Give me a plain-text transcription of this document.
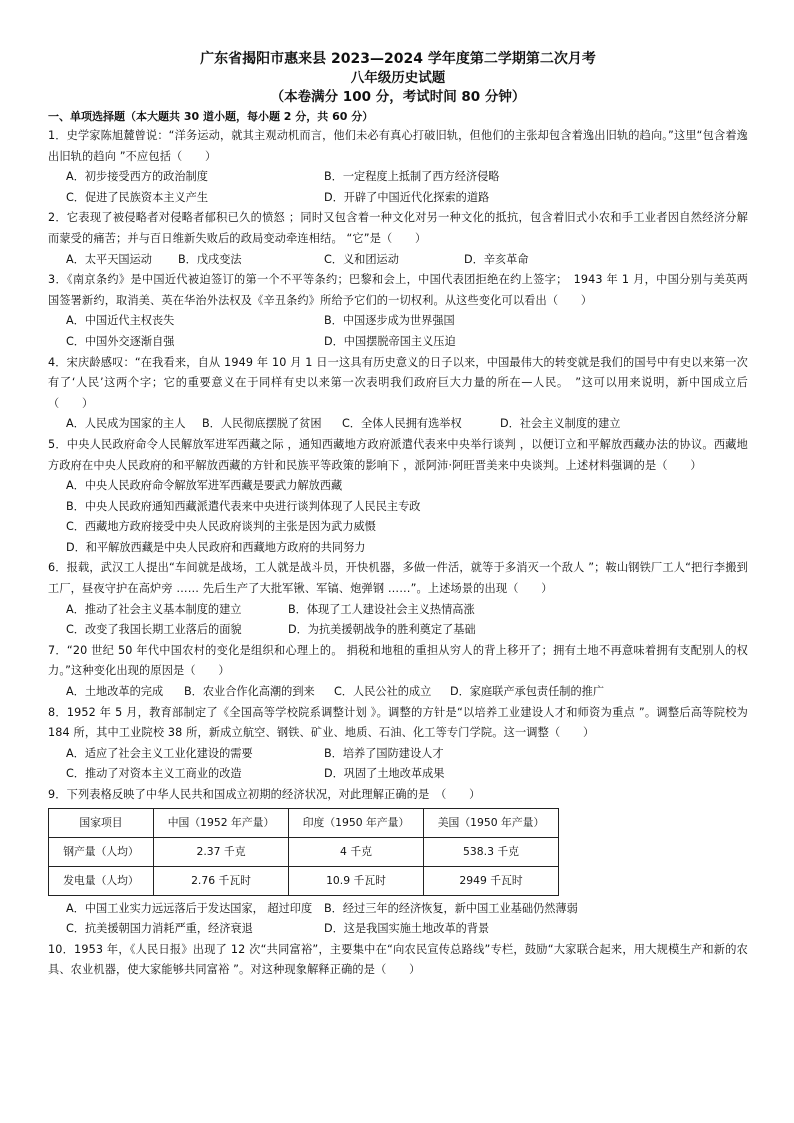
广东省揭阳市惠来县 2023—2024 学年度第二学期第二次月考
八年级历史试题
（本卷满分 100 分，考试时间 80 分钟）
一、单项选择题（本大题共 30 道小题，每小题 2 分，共 60 分）

1．史学家陈旭麓曾说：“洋务运动，就其主观动机而言，他们未必有真心打破旧轨，但他们的主张却包含着逸出旧轨的趋向。”这里“包含着逸出旧轨的趋向 ”不应包括（　　）

A．初步接受西方的政治制度	B．一定程度上抵制了西方经济侵略
C．促进了民族资本主义产生	D．开辟了中国近代化探索的道路

2．它表现了被侵略者对侵略者郁积已久的愤怒 ；同时又包含着一种文化对另一种文化的抵抗，包含着旧式小农和手工业者因自然经济分解而蒙受的痛苦；并与百日维新失败后的政局变动牵连相结。 “它”是（　　）

A．太平天国运动 B．戊戌变法	C．义和团运动	D．辛亥革命

3．《南京条约》是中国近代被迫签订的第一个不平等条约；巴黎和会上，中国代表团拒绝在约上签字；　1943 年 1 月，中国分别与美英两国签署新约，取消美、英在华治外法权及《辛丑条约》所给予它们的一切权利。从这些变化可以看出（　　）

A．中国近代主权丧失	B．中国逐步成为世界强国
C．中国外交逐渐自强	D．中国摆脱帝国主义压迫

4．宋庆龄感叹：“在我看来，自从 1949 年 10 月 1 日一这具有历史意义的日子以来，中国最伟大的转变就是我们的国号中有史以来第一次有了‘人民’这两个字；它的重要意义在于同样有史以来第一次表明我们政府巨大力量的所在—人民。　”这可以用来说明，新中国成立后（　　）

A．人民成为国家的主人 B．人民彻底摆脱了贫困 C．全体人民拥有选举权	D．社会主义制度的建立

5．中央人民政府命令人民解放军进军西藏之际 ，通知西藏地方政府派遣代表来中央举行谈判 ，以便订立和平解放西藏办法的协议。西藏地方政府在中央人民政府的和平解放西藏的方针和民族平等政策的影响下 ，派阿沛·阿旺晋美来中央谈判。上述材料强调的是（　　）

A．中央人民政府命令解放军进军西藏是要武力解放西藏
B．中央人民政府通知西藏派遣代表来中央进行谈判体现了人民民主专政
C．西藏地方政府接受中央人民政府谈判的主张是因为武力威慑
D．和平解放西藏是中央人民政府和西藏地方政府的共同努力

6．报载，武汉工人提出“车间就是战场，工人就是战斗员，开快机器，多做一件活，就等于多消灭一个敌人 ”；鞍山钢铁厂工人“把行李搬到工厂，昼夜守护在高炉旁 …… 先后生产了大批军锹、军镐、炮弹钢 ……”。上述场景的出现（　　）

A．推动了社会主义基本制度的建立	B．体现了工人建设社会主义热情高涨
C．改变了我国长期工业落后的面貌	D．为抗美援朝战争的胜利奠定了基础

7．“20 世纪 50 年代中国农村的变化是组织和心理上的。 捐税和地租的重担从穷人的背上移开了；拥有土地不再意味着拥有支配别人的权力。”这种变化出现的原因是（　　）

A．土地改革的完成 B．农业合作化高潮的到来 C．人民公社的成立 D．家庭联产承包责任制的推广

8．1952 年 5 月，教育部制定了《全国高等学校院系调整计划 》。调整的方针是“以培养工业建设人才和师资为重点 ”。调整后高等院校为 184 所，其中工业院校 38 所，新成立航空、钢铁、矿业、地质、石油、化工等专门学院。这一调整（　　）

A．适应了社会主义工业化建设的需要	B．培养了国防建设人才
C．推动了对资本主义工商业的改造	D．巩固了土地改革成果

9．下列表格反映了中华人民共和国成立初期的经济状况，对此理解正确的是　（　　）

国家项目	中国（1952 年产量）	印度（1950 年产量）	美国（1950 年产量）
钢产量（人均）	2.37 千克	4 千克	538.3 千克
发电量（人均）	2.76 千瓦时	10.9 千瓦时	2949 千瓦时
A．中国工业实力远远落后于发达国家， 超过印度 B．经过三年的经济恢复，新中国工业基础仍然薄弱
C．抗美援朝国力消耗严重，经济衰退	D．这是我国实施土地改革的背景

10．1953 年，《人民日报》出现了 12 次“共同富裕”，主要集中在“向农民宣传总路线”专栏，鼓励“大家联合起来，用大规模生产和新的农具、农业机器，使大家能够共同富裕 ”。对这种现象解释正确的是（　　）
